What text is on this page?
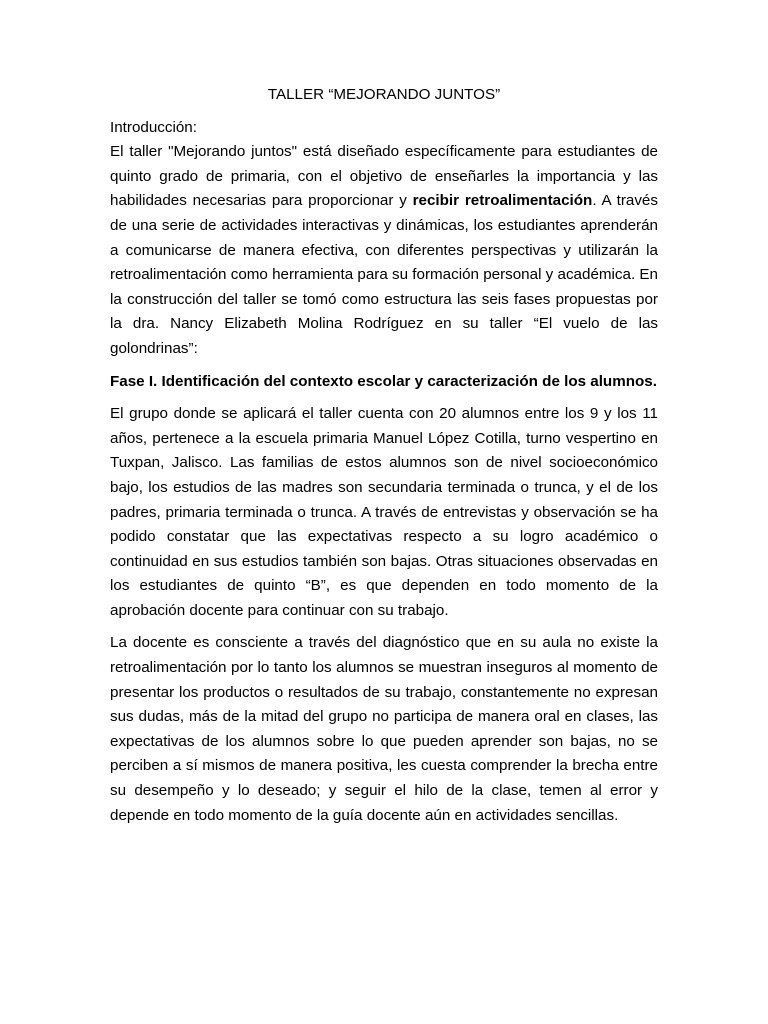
TALLER “MEJORANDO JUNTOS”

Introducción:

El taller "Mejorando juntos" está diseñado específicamente para estudiantes de quinto grado de primaria, con el objetivo de enseñarles la importancia y las habilidades necesarias para proporcionar y recibir retroalimentación. A través de una serie de actividades interactivas y dinámicas, los estudiantes aprenderán a comunicarse de manera efectiva, con diferentes perspectivas y utilizarán la retroalimentación como herramienta para su formación personal y académica. En la construcción del taller se tomó como estructura las seis fases propuestas por la dra. Nancy Elizabeth Molina Rodríguez en su taller “El vuelo de las golondrinas”:

Fase I. Identificación del contexto escolar y caracterización de los alumnos.

El grupo donde se aplicará el taller cuenta con 20 alumnos entre los 9 y los 11 años, pertenece a la escuela primaria Manuel López Cotilla, turno vespertino en Tuxpan, Jalisco. Las familias de estos alumnos son de nivel socioeconómico bajo, los estudios de las madres son secundaria terminada o trunca, y el de los padres, primaria terminada o trunca. A través de entrevistas y observación se ha podido constatar que las expectativas respecto a su logro académico o continuidad en sus estudios también son bajas. Otras situaciones observadas en los estudiantes de quinto “B”, es que dependen en todo momento de la aprobación docente para continuar con su trabajo.

La docente es consciente a través del diagnóstico que en su aula no existe la retroalimentación por lo tanto los alumnos se muestran inseguros al momento de presentar los productos o resultados de su trabajo, constantemente no expresan sus dudas, más de la mitad del grupo no participa de manera oral en clases, las expectativas de los alumnos sobre lo que pueden aprender son bajas, no se perciben a sí mismos de manera positiva, les cuesta comprender la brecha entre su desempeño y lo deseado; y seguir el hilo de la clase, temen al error y depende en todo momento de la guía docente aún en actividades sencillas.
